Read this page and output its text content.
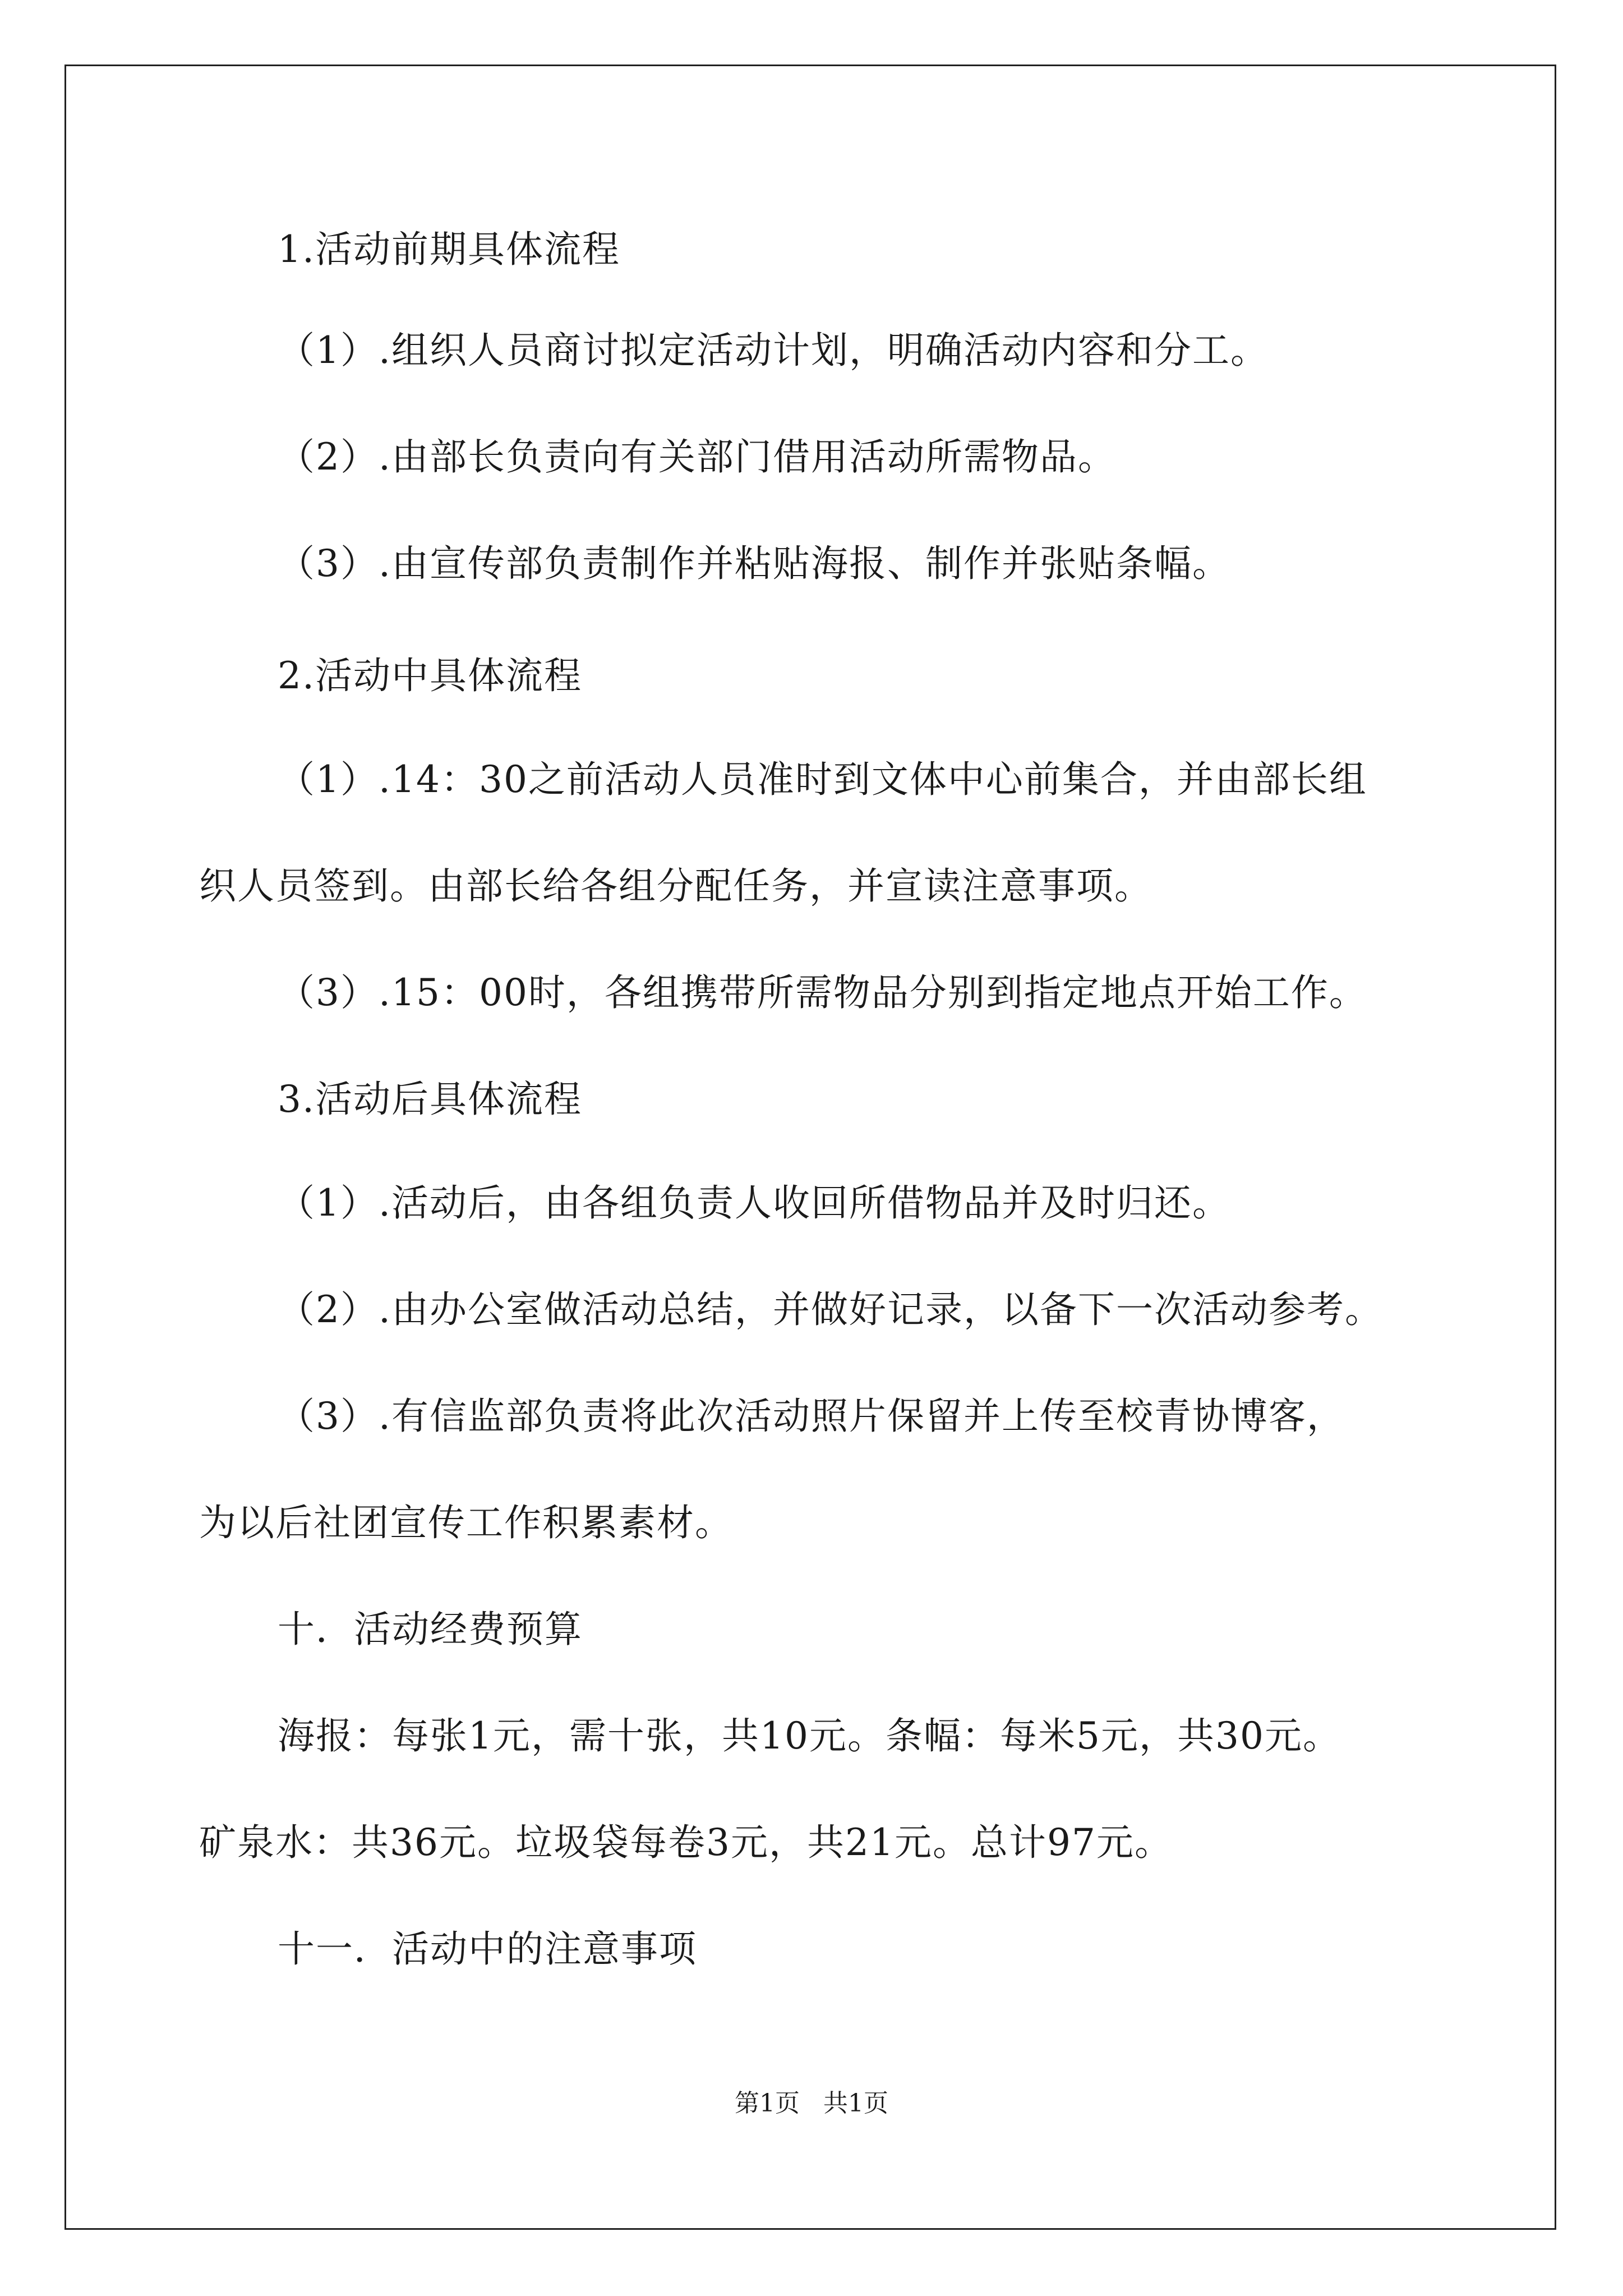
1.活动前期具体流程
（1）.组织人员商讨拟定活动计划，明确活动内容和分工。
（2）.由部长负责向有关部门借用活动所需物品。
（3）.由宣传部负责制作并粘贴海报、制作并张贴条幅。
2.活动中具体流程
（1）.14：30之前活动人员准时到文体中心前集合，并由部长组
织人员签到。由部长给各组分配任务，并宣读注意事项。
（3）.15：00时，各组携带所需物品分别到指定地点开始工作。
3.活动后具体流程
（1）.活动后，由各组负责人收回所借物品并及时归还。
（2）.由办公室做活动总结，并做好记录，以备下一次活动参考。
（3）.有信监部负责将此次活动照片保留并上传至校青协博客，
为以后社团宣传工作积累素材。
十．活动经费预算
海报：每张1元，需十张，共10元。条幅：每米5元，共30元。
矿泉水：共36元。垃圾袋每卷3元，共21元。总计97元。
十一．活动中的注意事项
第1页   共1页
